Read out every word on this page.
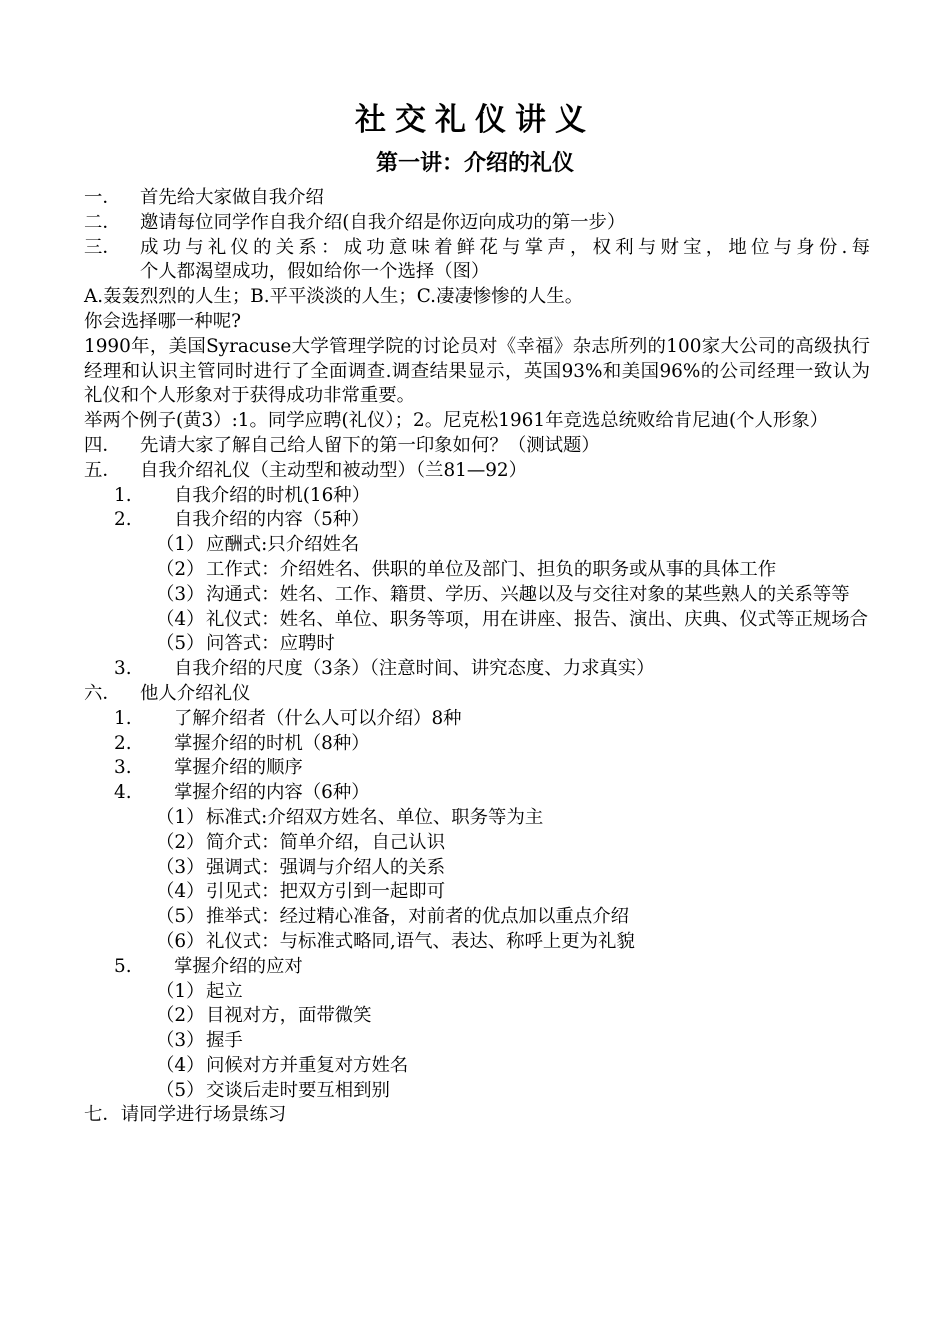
社交礼仪讲义
第一讲：介绍的礼仪
一．	首先给大家做自我介绍
二．	邀请每位同学作自我介绍(自我介绍是你迈向成功的第一步）
三．	成功与礼仪的关系：成功意味着鲜花与掌声，权利与财宝，地位与身份.每
个人都渴望成功，假如给你一个选择（图）
A.轰轰烈烈的人生；B.平平淡淡的人生；C.凄凄惨惨的人生。
你会选择哪一种呢?
1990年，美国Syracuse大学管理学院的讨论员对《幸福》杂志所列的100家大公司的高级执行经理和认识主管同时进行了全面调查.调查结果显示，英国93%和美国96%的公司经理一致认为礼仪和个人形象对于获得成功非常重要。
举两个例子(黄3）:1。同学应聘(礼仪）；2。尼克松1961年竞选总统败给肯尼迪(个人形象）
四．	先请大家了解自己给人留下的第一印象如何？（测试题）
五．	自我介绍礼仪（主动型和被动型）（兰81—92）
1.	自我介绍的时机(16种）
2.	自我介绍的内容（5种）
（1） 应酬式:只介绍姓名
（2） 工作式：介绍姓名、供职的单位及部门、担负的职务或从事的具体工作
（3） 沟通式：姓名、工作、籍贯、学历、兴趣以及与交往对象的某些熟人的关系等等
（4） 礼仪式：姓名、单位、职务等项，用在讲座、报告、演出、庆典、仪式等正规场合
（5） 问答式：应聘时
3.	自我介绍的尺度（3条）（注意时间、讲究态度、力求真实）
六．	他人介绍礼仪
1.	了解介绍者（什么人可以介绍）8种
2.	掌握介绍的时机（8种）
3.	掌握介绍的顺序
4.	掌握介绍的内容（6种）
（1） 标准式:介绍双方姓名、单位、职务等为主
（2） 简介式：简单介绍，自己认识
（3） 强调式：强调与介绍人的关系
（4） 引见式：把双方引到一起即可
（5） 推举式：经过精心准备，对前者的优点加以重点介绍
（6） 礼仪式：与标准式略同,语气、表达、称呼上更为礼貌
5.	掌握介绍的应对
（1） 起立
（2） 目视对方，面带微笑
（3） 握手
（4） 问候对方并重复对方姓名
（5） 交谈后走时要互相到别
七．请同学进行场景练习
